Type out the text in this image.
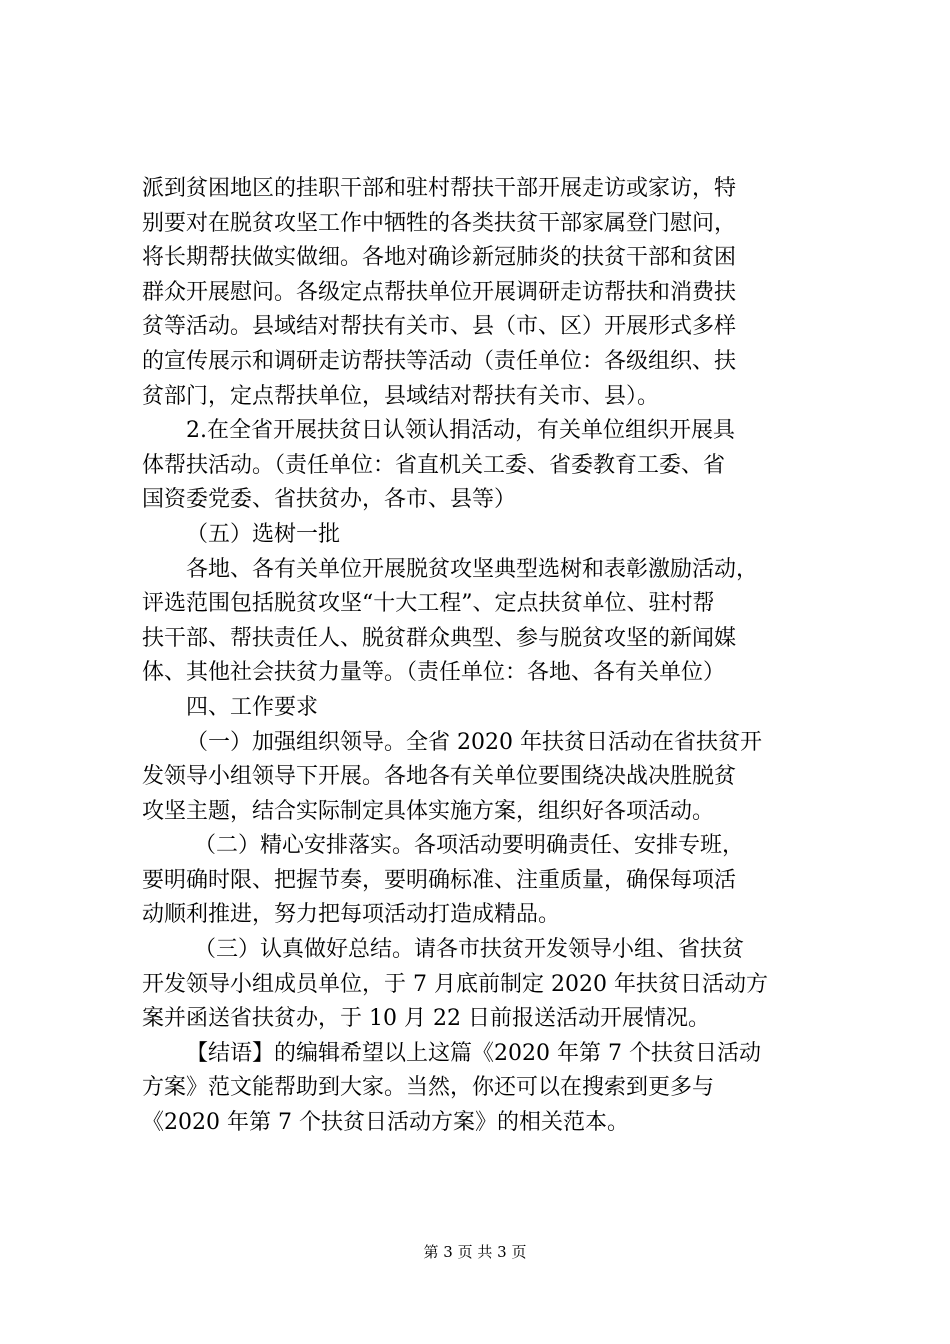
派到贫困地区的挂职干部和驻村帮扶干部开展走访或家访，特
别要对在脱贫攻坚工作中牺牲的各类扶贫干部家属登门慰问，
将长期帮扶做实做细。各地对确诊新冠肺炎的扶贫干部和贫困
群众开展慰问。各级定点帮扶单位开展调研走访帮扶和消费扶
贫等活动。县域结对帮扶有关市、县（市、区）开展形式多样
的宣传展示和调研走访帮扶等活动（责任单位：各级组织、扶
贫部门，定点帮扶单位，县域结对帮扶有关市、县）。
2.在全省开展扶贫日认领认捐活动，有关单位组织开展具
体帮扶活动。（责任单位：省直机关工委、省委教育工委、省
国资委党委、省扶贫办，各市、县等）
（五）选树一批
各地、各有关单位开展脱贫攻坚典型选树和表彰激励活动，
评选范围包括脱贫攻坚“十大工程”、定点扶贫单位、驻村帮
扶干部、帮扶责任人、脱贫群众典型、参与脱贫攻坚的新闻媒
体、其他社会扶贫力量等。（责任单位：各地、各有关单位）
四、工作要求
（一）加强组织领导。全省 2020 年扶贫日活动在省扶贫开
发领导小组领导下开展。各地各有关单位要围绕决战决胜脱贫
攻坚主题，结合实际制定具体实施方案，组织好各项活动。
（二）精心安排落实。各项活动要明确责任、安排专班，
要明确时限、把握节奏，要明确标准、注重质量，确保每项活
动顺利推进，努力把每项活动打造成精品。
（三）认真做好总结。请各市扶贫开发领导小组、省扶贫
开发领导小组成员单位，于 7 月底前制定 2020 年扶贫日活动方
案并函送省扶贫办，于 10 月 22 日前报送活动开展情况。
【结语】的编辑希望以上这篇《2020 年第 7 个扶贫日活动
方案》范文能帮助到大家。当然，你还可以在搜索到更多与
《2020 年第 7 个扶贫日活动方案》的相关范本。
第 3 页 共 3 页
